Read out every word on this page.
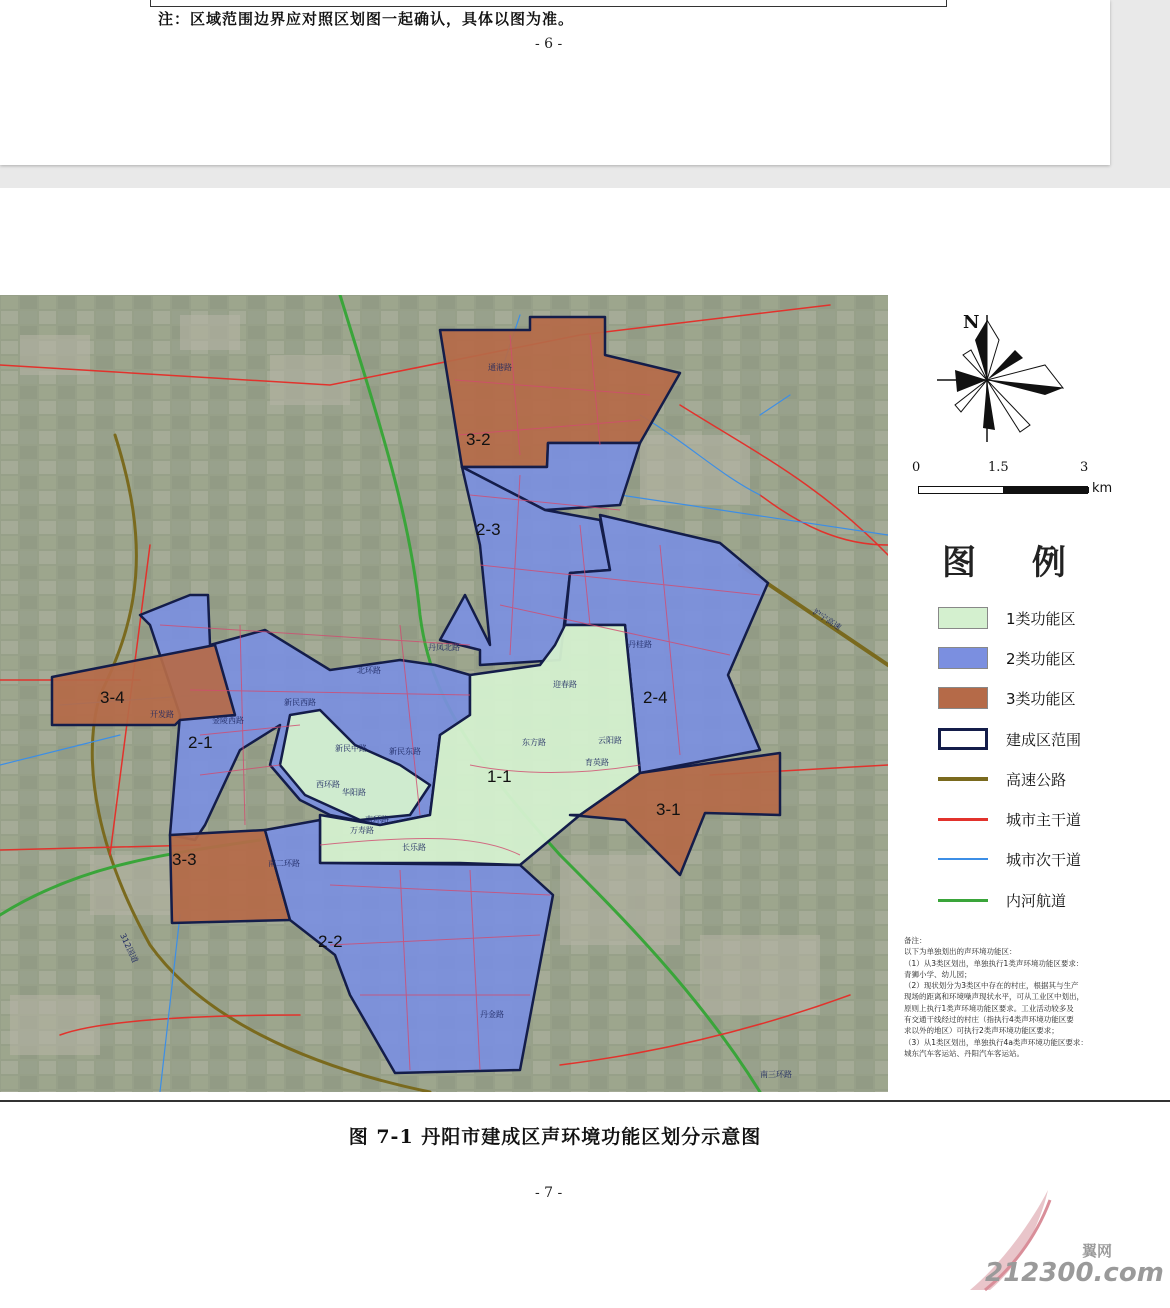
注：区域范围边界应对照区划图一起确认，具体以图为准。
- 6 -
3-2
2-3
2-4
3-4
2-1
1-1
3-1
3-3
2-2
通港路
北环路
新民西路
新民中路	新民东路
南环路
南二环路
丹凤北路
东方路	云阳路
沪宁高速
南三环路
312国道
开发路
丹金路
育英路
迎春路
丹桂路
金陵西路
西环路
华阳路
万寿路
长乐路
N
0	1.5	3
km
图 例
1类功能区
2类功能区
3类功能区
建成区范围
高速公路
城市主干道
城市次干道
内河航道
备注：
以下为单独划出的声环境功能区：
（1）从3类区划出，单独执行1类声环境功能区要求：
青狮小学、幼儿园；
（2）现状划分为3类区中存在的村庄，根据其与生产
现场的距离和环境噪声现状水平，可从工业区中划出，
原则上执行1类声环境功能区要求。工业活动较多及
有交通干线经过的村庄（指执行4类声环境功能区要
求以外的地区）可执行2类声环境功能区要求；
（3）从1类区划出，单独执行4a类声环境功能区要求：
城东汽车客运站、丹阳汽车客运站。
图 7-1 丹阳市建成区声环境功能区划分示意图
- 7 -
翼网
212300.com
